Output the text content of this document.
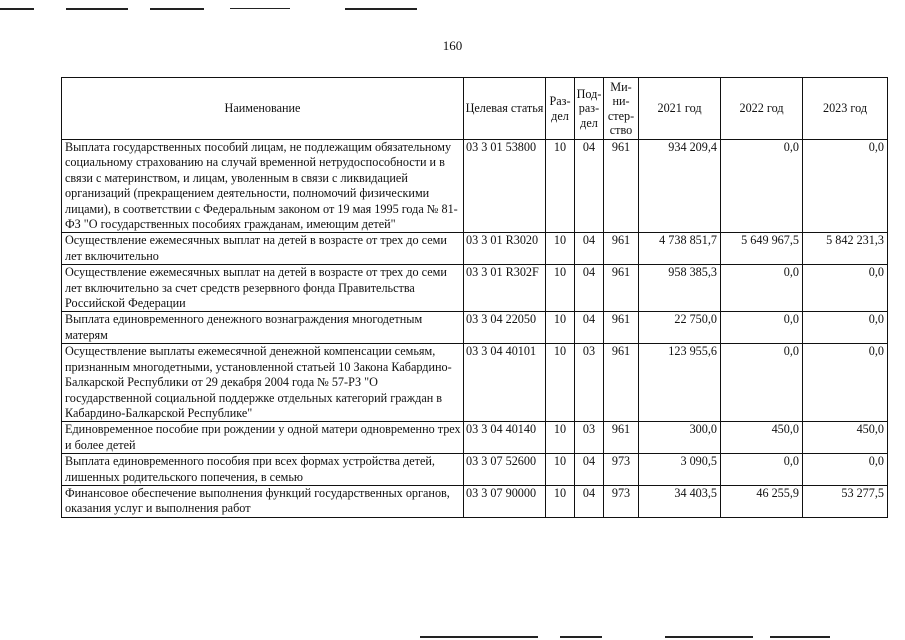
160
Наименование	Целевая статья	Раз-дел	Под-раз-дел	Ми-ни-стер-ство	2021 год	2022 год	2023 год
Выплата государственных пособий лицам, не подлежащим обязательному социальному страхованию на случай временной нетрудоспособности и в связи с материнством, и лицам, уволенным в связи с ликвидацией организаций (прекращением деятельности, полномочий физическими лицами), в соответствии с Федеральным законом от 19 мая 1995 года № 81-ФЗ "О государственных пособиях гражданам, имеющим детей"	03 3 01 53800	10	04	961	934 209,4	0,0	0,0
Осуществление ежемесячных выплат на детей в возрасте от трех до семи лет включительно	03 3 01 R3020	10	04	961	4 738 851,7	5 649 967,5	5 842 231,3
Осуществление ежемесячных выплат на детей в возрасте от трех до семи лет включительно за счет средств резервного фонда Правительства Российской Федерации	03 3 01 R302F	10	04	961	958 385,3	0,0	0,0
Выплата единовременного денежного вознаграждения многодетным матерям	03 3 04 22050	10	04	961	22 750,0	0,0	0,0
Осуществление выплаты ежемесячной денежной компенсации семьям, признанным многодетными, установленной статьей 10 Закона Кабардино-Балкарской Республики от 29 декабря 2004 года № 57-РЗ "О государственной социальной поддержке отдельных категорий граждан в Кабардино-Балкарской Республике"	03 3 04 40101	10	03	961	123 955,6	0,0	0,0
Единовременное пособие при рождении у одной матери одновременно трех и более детей	03 3 04 40140	10	03	961	300,0	450,0	450,0
Выплата единовременного пособия при всех формах устройства детей, лишенных родительского попечения, в семью	03 3 07 52600	10	04	973	3 090,5	0,0	0,0
Финансовое обеспечение выполнения функций государственных органов, оказания услуг и выполнения работ	03 3 07 90000	10	04	973	34 403,5	46 255,9	53 277,5
